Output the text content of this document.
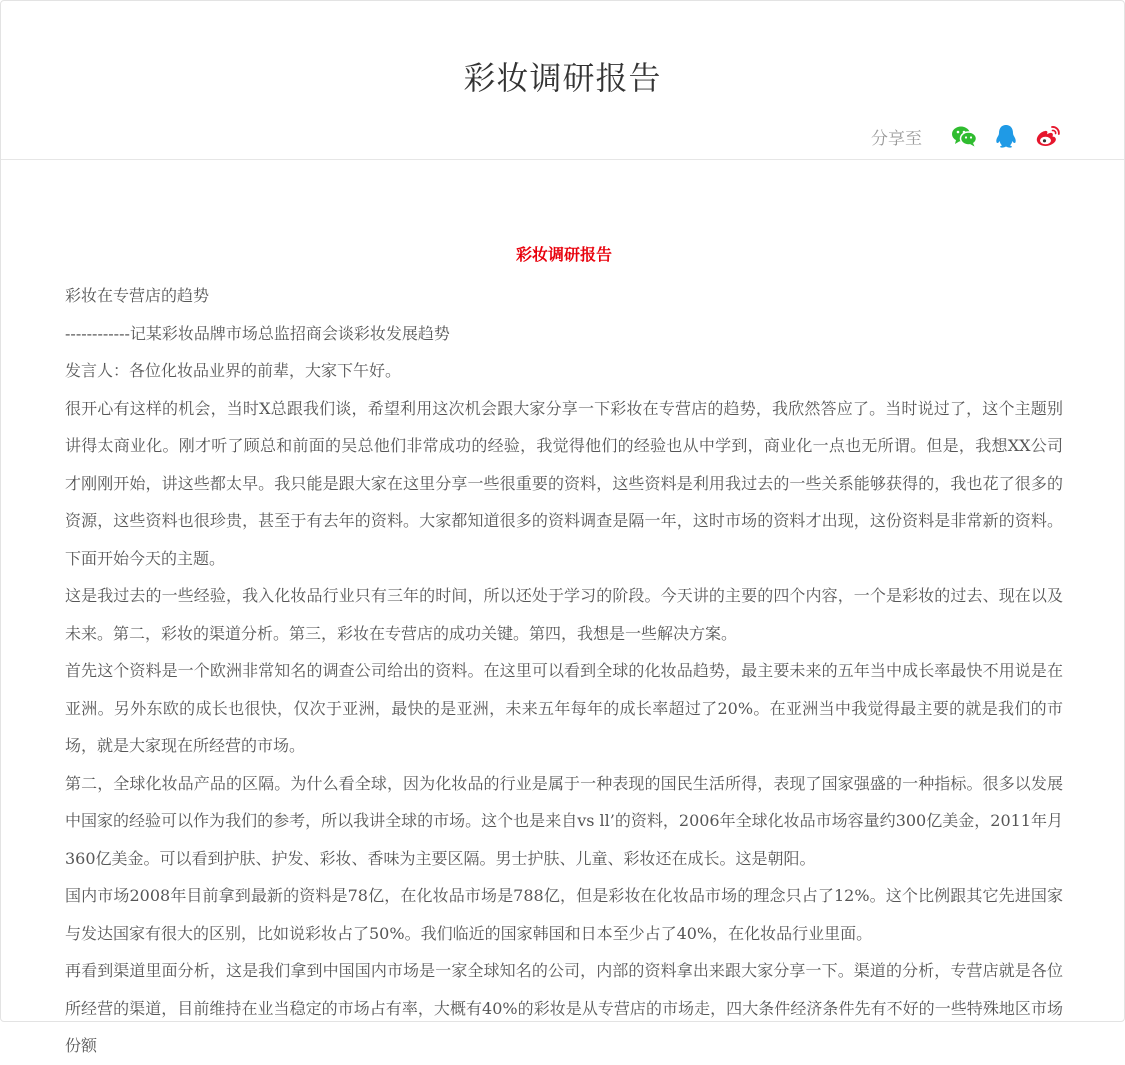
彩妆调研报告
分享至

彩妆调研报告

彩妆在专营店的趋势

------------记某彩妆品牌市场总监招商会谈彩妆发展趋势

发言人：各位化妆品业界的前辈，大家下午好。

很开心有这样的机会，当时X总跟我们谈，希望利用这次机会跟大家分享一下彩妆在专营店的趋势，我欣然答应了。当时说过了，这个主题别讲得太商业化。刚才听了顾总和前面的吴总他们非常成功的经验，我觉得他们的经验也从中学到，商业化一点也无所谓。但是，我想XX公司才刚刚开始，讲这些都太早。我只能是跟大家在这里分享一些很重要的资料，这些资料是利用我过去的一些关系能够获得的，我也花了很多的资源，这些资料也很珍贵，甚至于有去年的资料。大家都知道很多的资料调查是隔一年，这时市场的资料才出现，这份资料是非常新的资料。下面开始今天的主题。

这是我过去的一些经验，我入化妆品行业只有三年的时间，所以还处于学习的阶段。今天讲的主要的四个内容，一个是彩妆的过去、现在以及未来。第二，彩妆的渠道分析。第三，彩妆在专营店的成功关键。第四，我想是一些解决方案。

首先这个资料是一个欧洲非常知名的调查公司给出的资料。在这里可以看到全球的化妆品趋势，最主要未来的五年当中成长率最快不用说是在亚洲。另外东欧的成长也很快，仅次于亚洲，最快的是亚洲，未来五年每年的成长率超过了20%。在亚洲当中我觉得最主要的就是我们的市场，就是大家现在所经营的市场。

第二，全球化妆品产品的区隔。为什么看全球，因为化妆品的行业是属于一种表现的国民生活所得，表现了国家强盛的一种指标。很多以发展中国家的经验可以作为我们的参考，所以我讲全球的市场。这个也是来自vs ll’的资料，2006年全球化妆品市场容量约300亿美金，2011年月360亿美金。可以看到护肤、护发、彩妆、香味为主要区隔。男士护肤、儿童、彩妆还在成长。这是朝阳。

国内市场2008年目前拿到最新的资料是78亿，在化妆品市场是788亿，但是彩妆在化妆品市场的理念只占了12%。这个比例跟其它先进国家与发达国家有很大的区别，比如说彩妆占了50%。我们临近的国家韩国和日本至少占了40%，在化妆品行业里面。

再看到渠道里面分析，这是我们拿到中国国内市场是一家全球知名的公司，内部的资料拿出来跟大家分享一下。渠道的分析，专营店就是各位所经营的渠道，目前维持在业当稳定的市场占有率，大概有40%的彩妆是从专营店的市场走，四大条件经济条件先有不好的一些特殊地区市场份额
